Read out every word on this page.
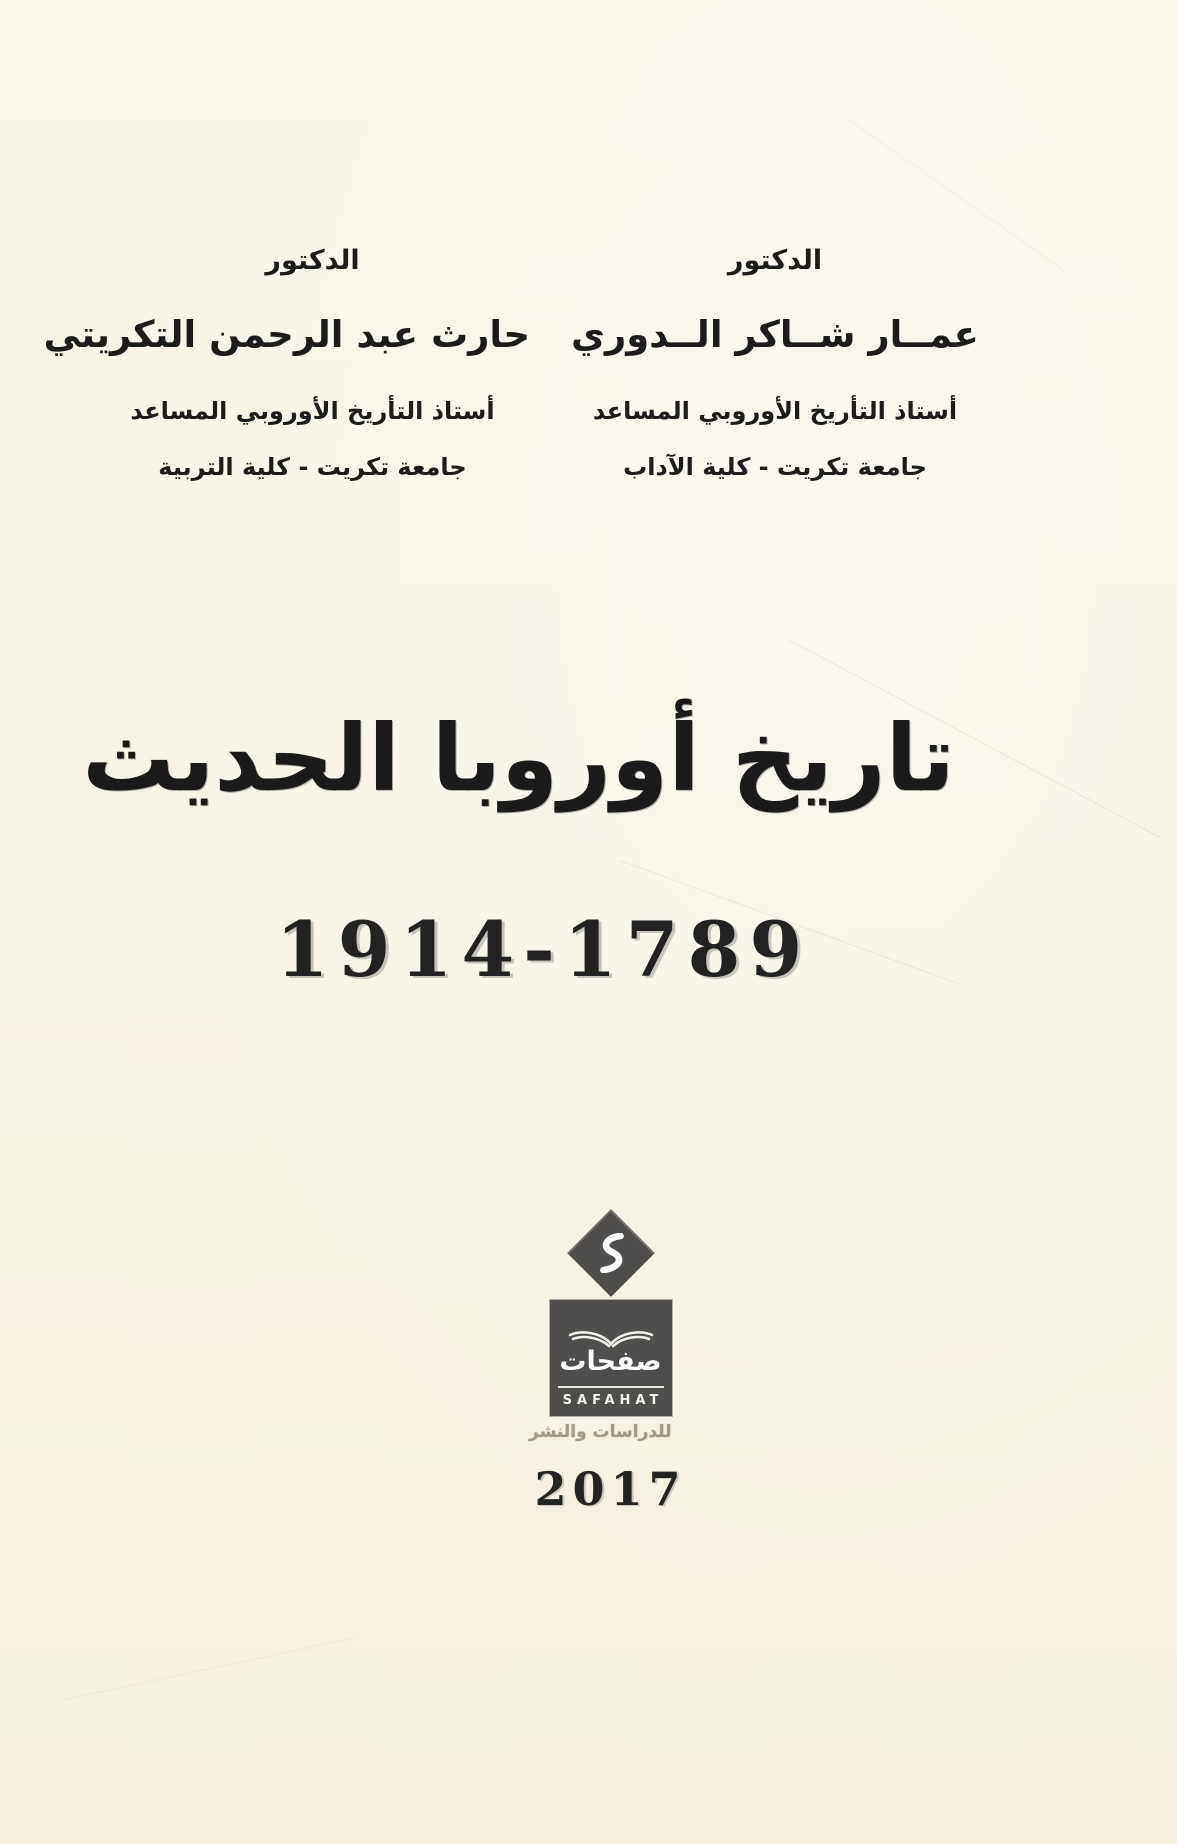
الدكتور
عمــار شــاكر الــدوري
أستاذ التأريخ الأوروبي المساعد
جامعة تكريت - كلية الآداب
الدكتور
حارث عبد الرحمن التكريتي
أستاذ التأريخ الأوروبي المساعد
جامعة تكريت - كلية التربية
تاريخ أوروبا الحديث
1914-1789
صفحات
SAFAHAT
للدراسات والنشر
2017
